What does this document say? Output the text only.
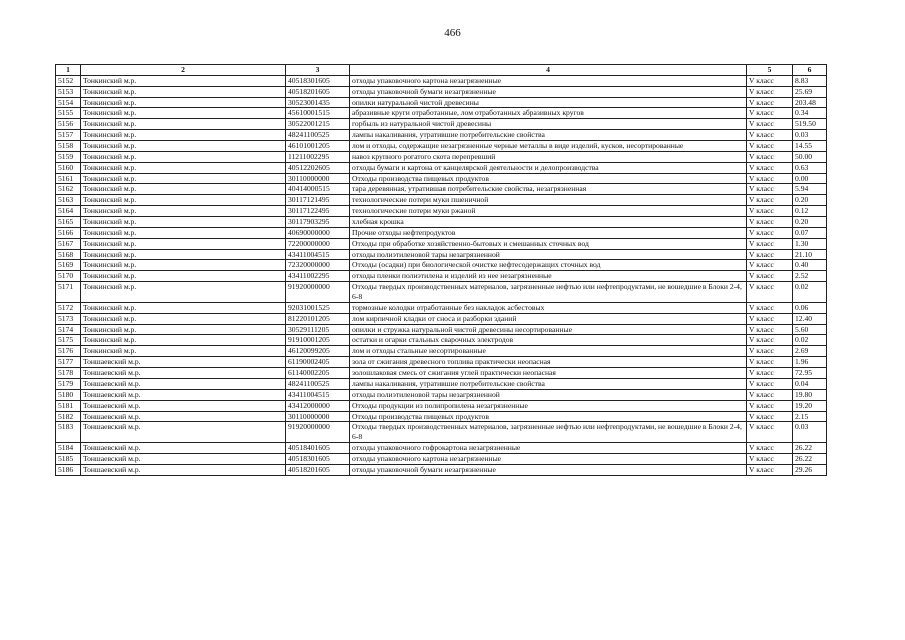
466
1	2	3	4	5	6
5152	Тонкинский м.р.	40518301605	отходы упаковочного картона незагрязненные	V класс	8.83
5153	Тонкинский м.р.	40518201605	отходы упаковочной бумаги незагрязненные	V класс	25.69
5154	Тонкинский м.р.	30523001435	опилки натуральной чистой древесины	V класс	203.48
5155	Тонкинский м.р.	45610001515	абразивные круги отработанные, лом отработанных абразивных кругов	V класс	0.34
5156	Тонкинский м.р.	30522001215	горбыль из натуральной чистой древесины	V класс	519.50
5157	Тонкинский м.р.	48241100525	лампы накаливания, утратившие потребительские свойства	V класс	0.03
5158	Тонкинский м.р.	46101001205	лом и отходы, содержащие незагрязненные черные металлы в виде изделий, кусков, несортированные	V класс	14.55
5159	Тонкинский м.р.	11211002295	навоз крупного рогатого скота перепревший	V класс	50.00
5160	Тонкинский м.р.	40512202605	отходы бумаги и картона от канцелярской деятельности и делопроизводства	V класс	0.63
5161	Тонкинский м.р.	30110000000	Отходы производства пищевых продуктов	V класс	0.00
5162	Тонкинский м.р.	40414000515	тара деревянная, утратившая потребительские свойства, незагрязненная	V класс	5.94
5163	Тонкинский м.р.	30117121495	технологические потери муки пшеничной	V класс	0.20
5164	Тонкинский м.р.	30117122495	технологические потери муки ржаной	V класс	0.12
5165	Тонкинский м.р.	30117903295	хлебная крошка	V класс	0.20
5166	Тонкинский м.р.	40690000000	Прочие отходы нефтепродуктов	V класс	0.07
5167	Тонкинский м.р.	72200000000	Отходы при обработке хозяйственно-бытовых и смешанных сточных вод	V класс	1.30
5168	Тонкинский м.р.	43411004515	отходы полиэтиленовой тары незагрязненной	V класс	21.10
5169	Тонкинский м.р.	72320000000	Отходы (осадки) при биологической очистке нефтесодержащих сточных вод	V класс	0.40
5170	Тонкинский м.р.	43411002295	отходы пленки полиэтилена и изделий из нее незагрязненные	V класс	2.52
5171	Тонкинский м.р.	91920000000	Отходы твердых производственных материалов, загрязненные нефтью или нефтепродуктами, не вошедшие в Блоки 2-4, 6-8	V класс	0.02
5172	Тонкинский м.р.	92031001525	тормозные колодки отработанные без накладок асбестовых	V класс	0.06
5173	Тонкинский м.р.	81220101205	лом кирпичной кладки от сноса и разборки зданий	V класс	12.40
5174	Тонкинский м.р.	30529111205	опилки и стружка натуральной чистой древесины несортированные	V класс	5.60
5175	Тонкинский м.р.	91910001205	остатки и огарки стальных сварочных электродов	V класс	0.02
5176	Тонкинский м.р.	46120099205	лом и отходы стальные несортированные	V класс	2.69
5177	Тоншаевский м.р.	61190002405	зола от сжигания древесного топлива практически неопасная	V класс	1.96
5178	Тоншаевский м.р.	61140002205	золошлаковая смесь от сжигания углей практически неопасная	V класс	72.95
5179	Тоншаевский м.р.	48241100525	лампы накаливания, утратившие потребительские свойства	V класс	0.04
5180	Тоншаевский м.р.	43411004515	отходы полиэтиленовой тары незагрязненной	V класс	19.80
5181	Тоншаевский м.р.	43412000000	Отходы продукции из полипропилена незагрязненные	V класс	19.20
5182	Тоншаевский м.р.	30110000000	Отходы производства пищевых продуктов	V класс	2.15
5183	Тоншаевский м.р.	91920000000	Отходы твердых производственных материалов, загрязненные нефтью или нефтепродуктами, не вошедшие в Блоки 2-4, 6-8	V класс	0.03
5184	Тоншаевский м.р.	40518401605	отходы упаковочного гофрокартона незагрязненные	V класс	26.22
5185	Тоншаевский м.р.	40518301605	отходы упаковочного картона незагрязненные	V класс	26.22
5186	Тоншаевский м.р.	40518201605	отходы упаковочной бумаги незагрязненные	V класс	29.26
